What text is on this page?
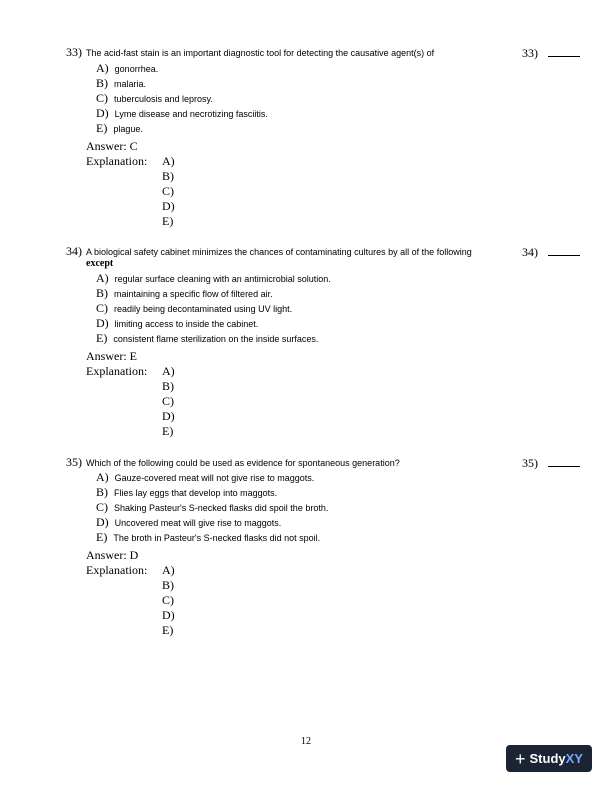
33) The acid-fast stain is an important diagnostic tool for detecting the causative agent(s) of	33)
A) gonorrhea.
B) malaria.
C) tuberculosis and leprosy.
D) Lyme disease and necrotizing fasciitis.
E) plague.
Answer: C
Explanation: A)
B)
C)
D)
E)
34) A biological safety cabinet minimizes the chances of contaminating cultures by all of the following
except
34)
A) regular surface cleaning with an antimicrobial solution.
B) maintaining a specific flow of filtered air.
C) readily being decontaminated using UV light.
D) limiting access to inside the cabinet.
E) consistent flame sterilization on the inside surfaces.
Answer: E
Explanation: A)
B)
C)
D)
E)
35) Which of the following could be used as evidence for spontaneous generation?	35)
A) Gauze-covered meat will not give rise to maggots.
B) Flies lay eggs that develop into maggots.
C) Shaking Pasteur's S-necked flasks did spoil the broth.
D) Uncovered meat will give rise to maggots.
E) The broth in Pasteur's S-necked flasks did not spoil.
Answer: D
Explanation: A)
B)
C)
D)
E)
12
+ StudyXY
